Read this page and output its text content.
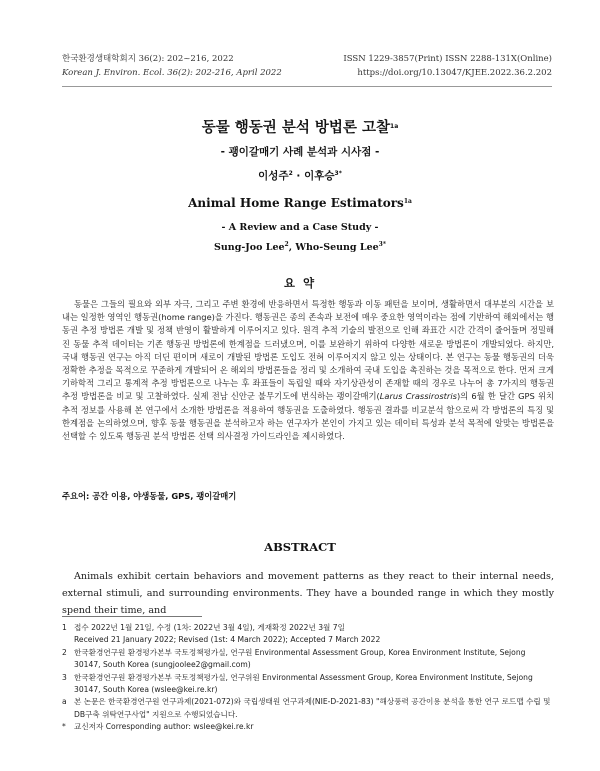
한국환경생태학회지 36(2): 202~216, 2022
Korean J. Environ. Ecol. 36(2): 202-216, April 2022
ISSN 1229-3857(Print) ISSN 2288-131X(Online)
https://doi.org/10.13047/KJEE.2022.36.2.202
동물 행동권 분석 방법론 고찰$^{1a}$
- 괭이갈매기 사례 분석과 시사점 -
이성주$^2$ · 이후승$^{3*}$
Animal Home Range Estimators$^{1a}$
- A Review and a Case Study -
Sung-Joo Lee$^2$, Who-Seung Lee$^{3*}$
요 약
동물은 그들의 필요와 외부 자극, 그리고 주변 환경에 반응하면서 특정한 행동과 이동 패턴을 보이며, 생활하면서 대부분의 시간을 보내는 일정한 영역인 행동권(home range)을 가진다. 행동권은 종의 존속과 보전에 매우 중요한 영역이라는 점에 기반하여 해외에서는 행동권 추정 방법론 개발 및 정책 반영이 활발하게 이루어지고 있다. 원격 추적 기술의 발전으로 인해 좌표간 시간 간격이 줄어들며 정밀해진 동물 추적 데이터는 기존 행동권 방법론에 한계점을 드러냈으며, 이를 보완하기 위하여 다양한 새로운 방법론이 개발되었다. 하지만, 국내 행동권 연구는 아직 더딘 편이며 새로이 개발된 방법론 도입도 전혀 이루어지지 않고 있는 상태이다. 본 연구는 동물 행동권의 더욱 정확한 추정을 목적으로 꾸준하게 개발되어 온 해외의 방법론들을 정리 및 소개하여 국내 도입을 촉진하는 것을 목적으로 한다. 먼저 크게 기하학적 그리고 통계적 추정 방법론으로 나누는 후 좌표들이 독립일 때와 자기상관성이 존재할 때의 경우로 나누어 총 7가지의 행동권 추정 방법론을 비교 및 고찰하였다. 실제 전남 신안군 불무기도에 번식하는 괭이갈매기(Larus Crassirostris)의 6월 한 달간 GPS 위치 추적 정보를 사용해 본 연구에서 소개한 방법론을 적용하여 행동권을 도출하였다. 행동권 결과를 비교분석 함으로써 각 방법론의 특징 및 한계점을 논의하였으며, 향후 동물 행동권을 분석하고자 하는 연구자가 본인이 가지고 있는 데이터 특성과 분석 목적에 알맞는 방법론을 선택할 수 있도록 행동권 분석 방법론 선택 의사결정 가이드라인을 제시하였다.
주요어: 공간 이용, 야생동물, GPS, 괭이갈매기
ABSTRACT
Animals exhibit certain behaviors and movement patterns as they react to their internal needs, external stimuli, and surrounding environments. They have a bounded range in which they mostly spend their time, and
1 접수 2022년 1월 21일, 수정 (1차: 2022년 3월 4일), 게재확정 2022년 3월 7일
Received 21 January 2022; Revised (1st: 4 March 2022); Accepted 7 March 2022
2 한국환경연구원 환경평가본부 국토정책평가실, 연구원 Environmental Assessment Group, Korea Environment Institute, Sejong 30147, South Korea (sungjoolee2@gmail.com)
3 한국환경연구원 환경평가본부 국토정책평가실, 연구위원 Environmental Assessment Group, Korea Environment Institute, Sejong 30147, South Korea (wslee@kei.re.kr)
a 본 논문은 한국환경연구원 연구과제(2021-072)와 국립생태원 연구과제(NIE-D-2021-83) "해상풍력 공간이용 분석을 통한 연구 로드맵 수립 및 DB구축 위탁연구사업" 지원으로 수행되었습니다.
* 교신저자 Corresponding author: wslee@kei.re.kr
